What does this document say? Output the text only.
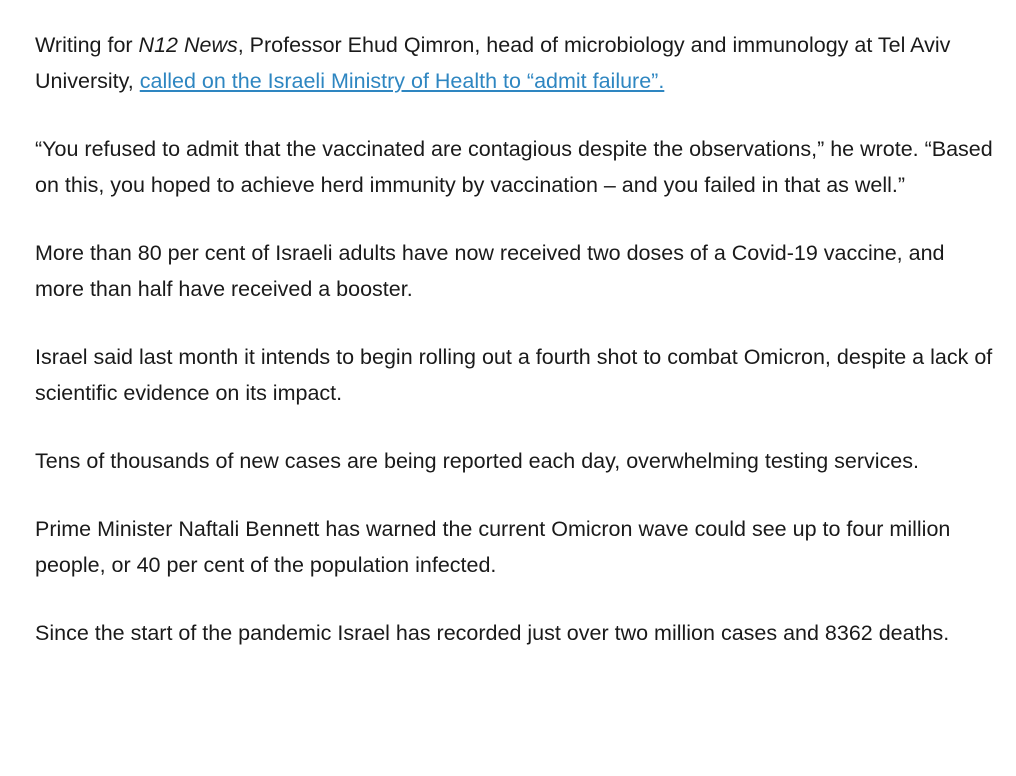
Writing for N12 News, Professor Ehud Qimron, head of microbiology and immunology at Tel Aviv University, called on the Israeli Ministry of Health to “admit failure”.

“You refused to admit that the vaccinated are contagious despite the observations,” he wrote. “Based on this, you hoped to achieve herd immunity by vaccination – and you failed in that as well.”

More than 80 per cent of Israeli adults have now received two doses of a Covid-19 vaccine, and more than half have received a booster.

Israel said last month it intends to begin rolling out a fourth shot to combat Omicron, despite a lack of scientific evidence on its impact.

Tens of thousands of new cases are being reported each day, overwhelming testing services.

Prime Minister Naftali Bennett has warned the current Omicron wave could see up to four million people, or 40 per cent of the population infected.

Since the start of the pandemic Israel has recorded just over two million cases and 8362 deaths.
